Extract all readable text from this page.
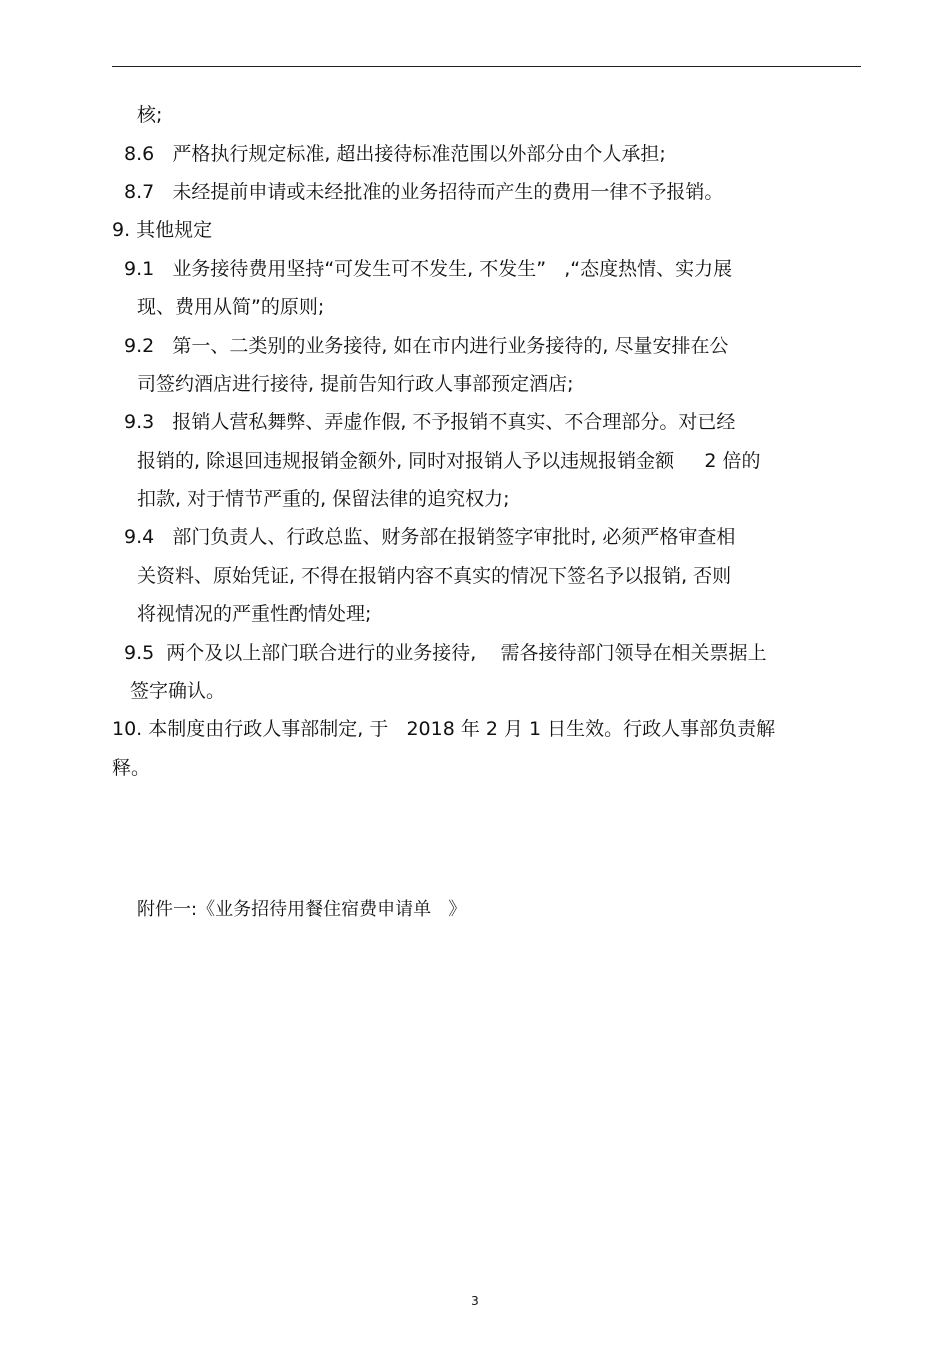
核;
8.6   严格执行规定标准, 超出接待标准范围以外部分由个人承担;
8.7   未经提前申请或未经批准的业务招待而产生的费用一律不予报销。
9. 其他规定
9.1   业务接待费用坚持“可发生可不发生, 不发生”   ,“态度热情、实力展
现、费用从简”的原则;
9.2   第一、二类别的业务接待, 如在市内进行业务接待的, 尽量安排在公
司签约酒店进行接待, 提前告知行政人事部预定酒店;
9.3   报销人营私舞弊、弄虚作假, 不予报销不真实、不合理部分。对已经
报销的, 除退回违规报销金额外, 同时对报销人予以违规报销金额     2 倍的
扣款, 对于情节严重的, 保留法律的追究权力;
9.4   部门负责人、行政总监、财务部在报销签字审批时, 必须严格审查相
关资料、原始凭证, 不得在报销内容不真实的情况下签名予以报销, 否则
将视情况的严重性酌情处理;
9.5  两个及以上部门联合进行的业务接待,    需各接待部门领导在相关票据上
签字确认。
10. 本制度由行政人事部制定, 于   2018 年 2 月 1 日生效。行政人事部负责解
释。
附件一:《业务招待用餐住宿费申请单   》
3
